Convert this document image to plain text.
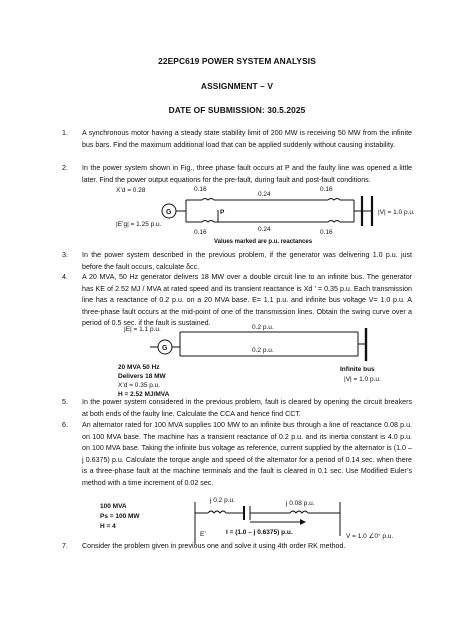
22EPC619 POWER SYSTEM ANALYSIS
ASSIGNMENT – V
DATE OF SUBMISSION: 30.5.2025
1. A synchronous motor having a steady state stability limit of 200 MW is receiving 50 MW from the infinite bus bars. Find the maximum additional load that can be applied suddenly without causing instability.
2. In the power system shown in Fig., three phase fault occurs at P and the faulty line was opened a little later. Find the power output equations for the pre-fault, during fault and post-fault conditions.
P
G
X’d = 0.28
|E’g| = 1.25 p.u.
0.16
0.16
0.16
0.16
0.24
0.24
|V| = 1.0 p.u.
Values marked are p.u. reactances
3. In the power system described in the previous problem, if the generator was delivering 1.0 p.u. just before the fault occurs, calculate δcc.
4. A 20 MVA, 50 Hz generator delivers 18 MW over a double circuit line to an infinite bus. The generator has KE of 2.52 MJ / MVA at rated speed and its transient reactance is Xd ’ = 0.35 p.u. Each transmission line has a reactance of 0.2 p.u. on a 20 MVA base. E= 1.1 p.u. and infinite bus voltage V= 1.0 p.u. A three-phase fault occurs at the mid-point of one of the transmission lines. Obtain the swing curve over a period of 0.5 sec. if the fault is sustained.
G
|E| = 1.1 p.u.	0.2 p.u.
0.2 p.u.
20 MVA 50 Hz
Delivers 18 MW
X’d = 0.35 p.u.
H = 2.52 MJ/MVA
Infinite bus
|V| = 1.0 p.u.
5. In the power system considered in the previous problem, fault is cleared by opening the circuit breakers at both ends of the faulty line. Calculate the CCA and hence find CCT.
6. An alternator rated for 100 MVA supplies 100 MW to an infinite bus through a line of reactance 0.08 p.u. on 100 MVA base. The machine has a transient reactance of 0.2 p.u. and its inertia constant is 4.0 p.u. on 100 MVA base. Taking the infinite bus voltage as reference, current supplied by the alternator is (1.0 – j 0.6375) p.u. Calculate the torque angle and speed of the alternator for a period of 0.14 sec. when there is a three-phase fault at the machine terminals and the fault is cleared in 0.1 sec. Use Modified Euler’s method with a time increment of 0.02 sec.
100 MVA
Ps = 100 MW
H = 4
j 0.2 p.u.	j 0.08 p.u.
E’	I = (1.0 – j 0.6375) p.u.
V = 1.0 ∠0° p.u.
7. Consider the problem given in previous one and solve it using 4th order RK method.
